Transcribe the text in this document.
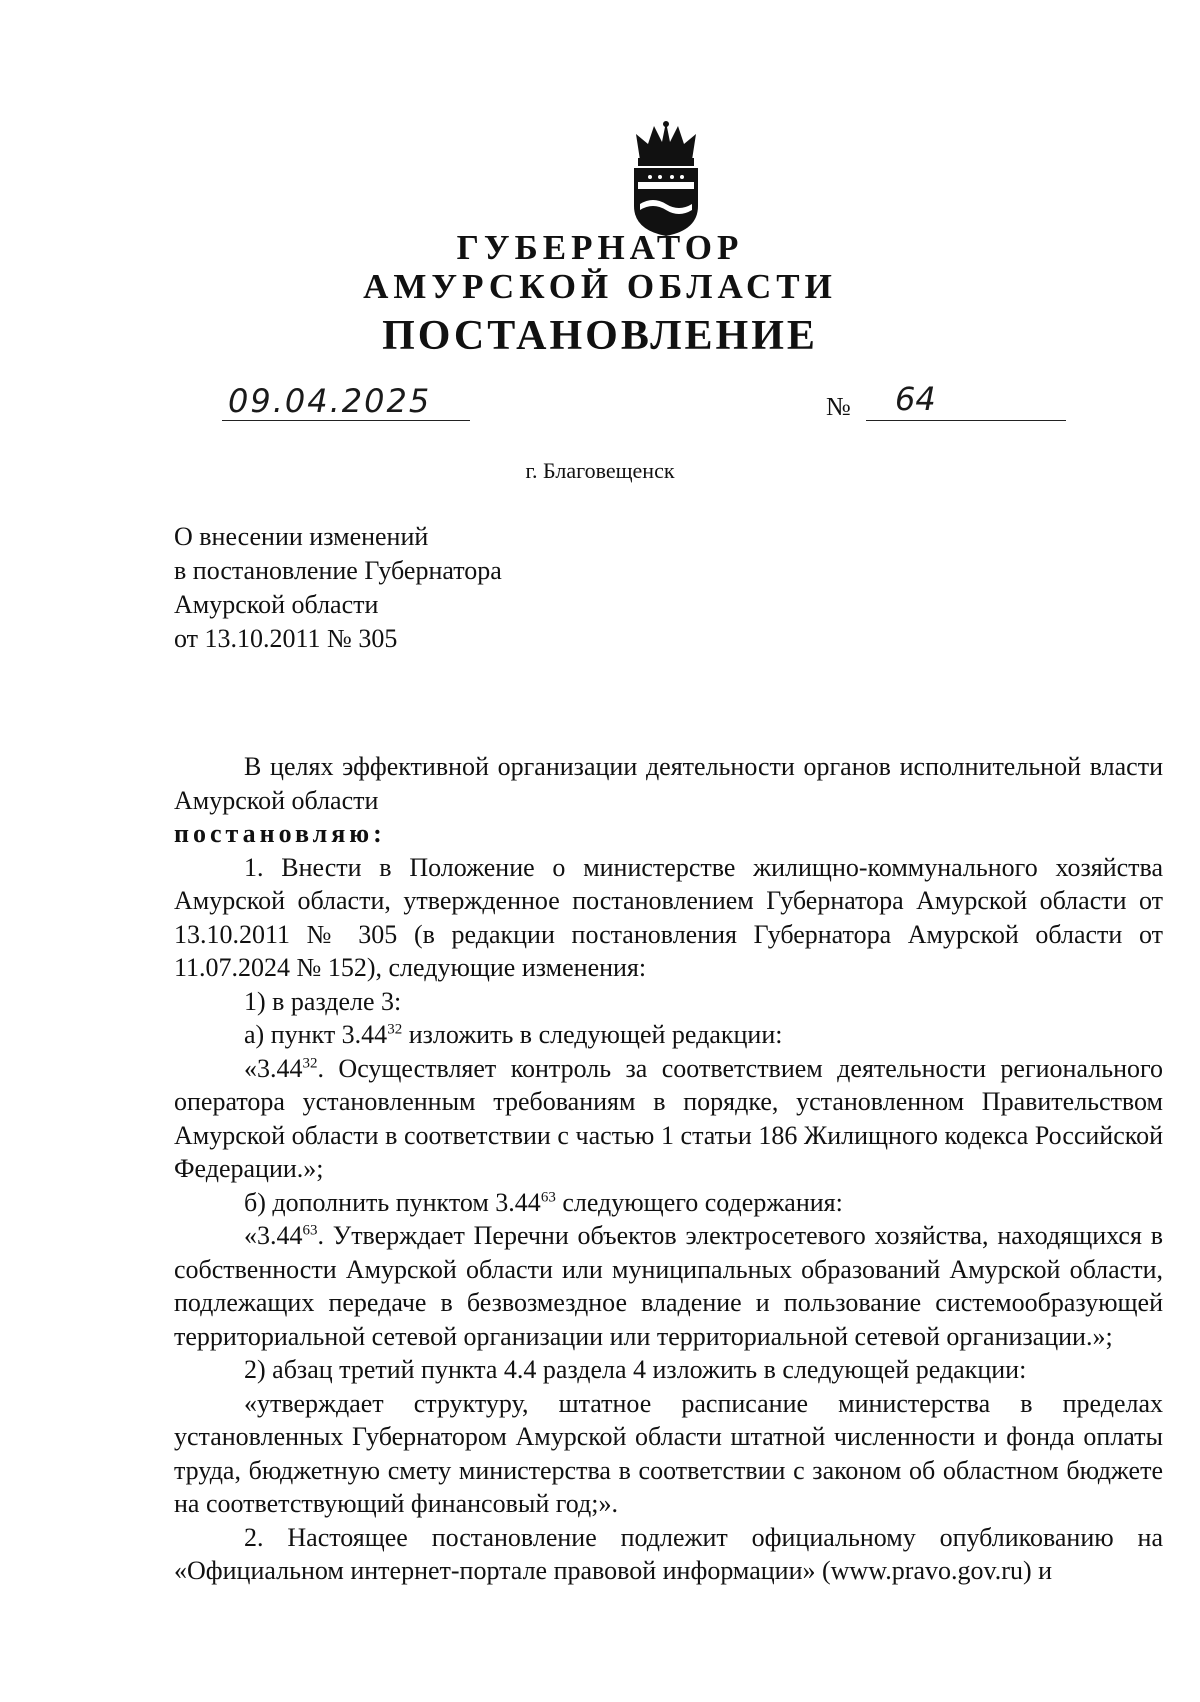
ГУБЕРНАТОР
АМУРСКОЙ ОБЛАСТИ
ПОСТАНОВЛЕНИЕ
09.04.2025	№ 64
г. Благовещенск
О внесении изменений
в постановление Губернатора
Амурской области
от 13.10.2011 № 305

В целях эффективной организации деятельности органов исполнительной власти Амурской области

постановляю:

1. Внести в Положение о министерстве жилищно-коммунального хозяйства Амурской области, утвержденное постановлением Губернатора Амурской области от 13.10.2011 № 305 (в редакции постановления Губернатора Амурской области от 11.07.2024 № 152), следующие изменения:

1) в разделе 3:

а) пункт 3.44$^{32}$ изложить в следующей редакции:

«3.44$^{32}$. Осуществляет контроль за соответствием деятельности регионального оператора установленным требованиям в порядке, установленном Правительством Амурской области в соответствии с частью 1 статьи 186 Жилищного кодекса Российской Федерации.»;

б) дополнить пунктом 3.44$^{63}$ следующего содержания:

«3.44$^{63}$. Утверждает Перечни объектов электросетевого хозяйства, находящихся в собственности Амурской области или муниципальных образований Амурской области, подлежащих передаче в безвозмездное владение и пользование системообразующей территориальной сетевой организации или территориальной сетевой организации.»;

2) абзац третий пункта 4.4 раздела 4 изложить в следующей редакции:

«утверждает структуру, штатное расписание министерства в пределах установленных Губернатором Амурской области штатной численности и фонда оплаты труда, бюджетную смету министерства в соответствии с законом об областном бюджете на соответствующий финансовый год;».

2. Настоящее постановление подлежит официальному опубликованию на «Официальном интернет-портале правовой информации» (www.pravo.gov.ru) и
